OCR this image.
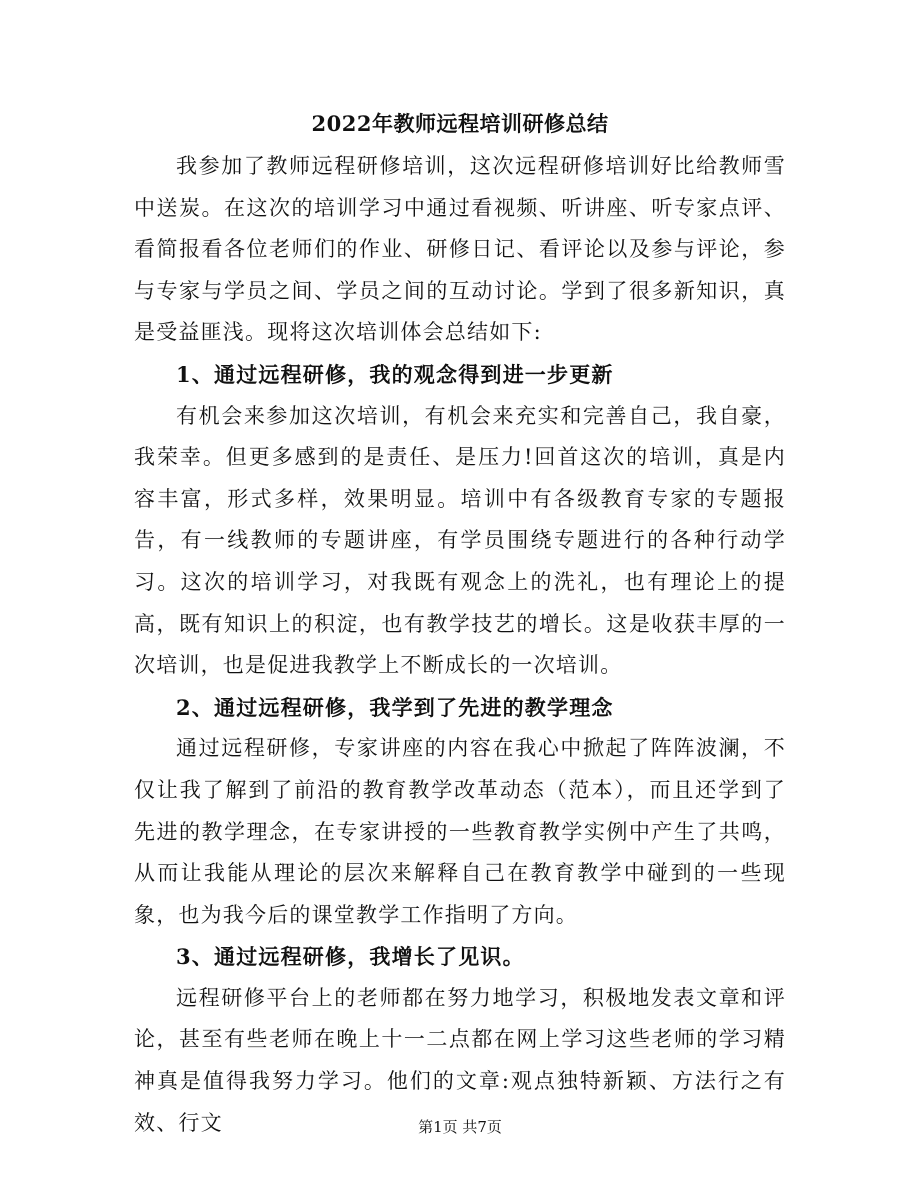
2022年教师远程培训研修总结

我参加了教师远程研修培训，这次远程研修培训好比给教师雪中送炭。在这次的培训学习中通过看视频、听讲座、听专家点评、看简报看各位老师们的作业、研修日记、看评论以及参与评论，参与专家与学员之间、学员之间的互动讨论。学到了很多新知识，真是受益匪浅。现将这次培训体会总结如下:

1、通过远程研修，我的观念得到进一步更新

有机会来参加这次培训，有机会来充实和完善自己，我自豪，我荣幸。但更多感到的是责任、是压力!回首这次的培训，真是内容丰富，形式多样，效果明显。培训中有各级教育专家的专题报告，有一线教师的专题讲座，有学员围绕专题进行的各种行动学习。这次的培训学习，对我既有观念上的洗礼，也有理论上的提高，既有知识上的积淀，也有教学技艺的增长。这是收获丰厚的一次培训，也是促进我教学上不断成长的一次培训。

2、通过远程研修，我学到了先进的教学理念

通过远程研修，专家讲座的内容在我心中掀起了阵阵波澜，不仅让我了解到了前沿的教育教学改革动态（范本），而且还学到了先进的教学理念，在专家讲授的一些教育教学实例中产生了共鸣，从而让我能从理论的层次来解释自己在教育教学中碰到的一些现象，也为我今后的课堂教学工作指明了方向。

3、通过远程研修，我增长了见识。

远程研修平台上的老师都在努力地学习，积极地发表文章和评论，甚至有些老师在晚上十一二点都在网上学习这些老师的学习精神真是值得我努力学习。他们的文章:观点独特新颖、方法行之有效、行文	第1页 共7页
